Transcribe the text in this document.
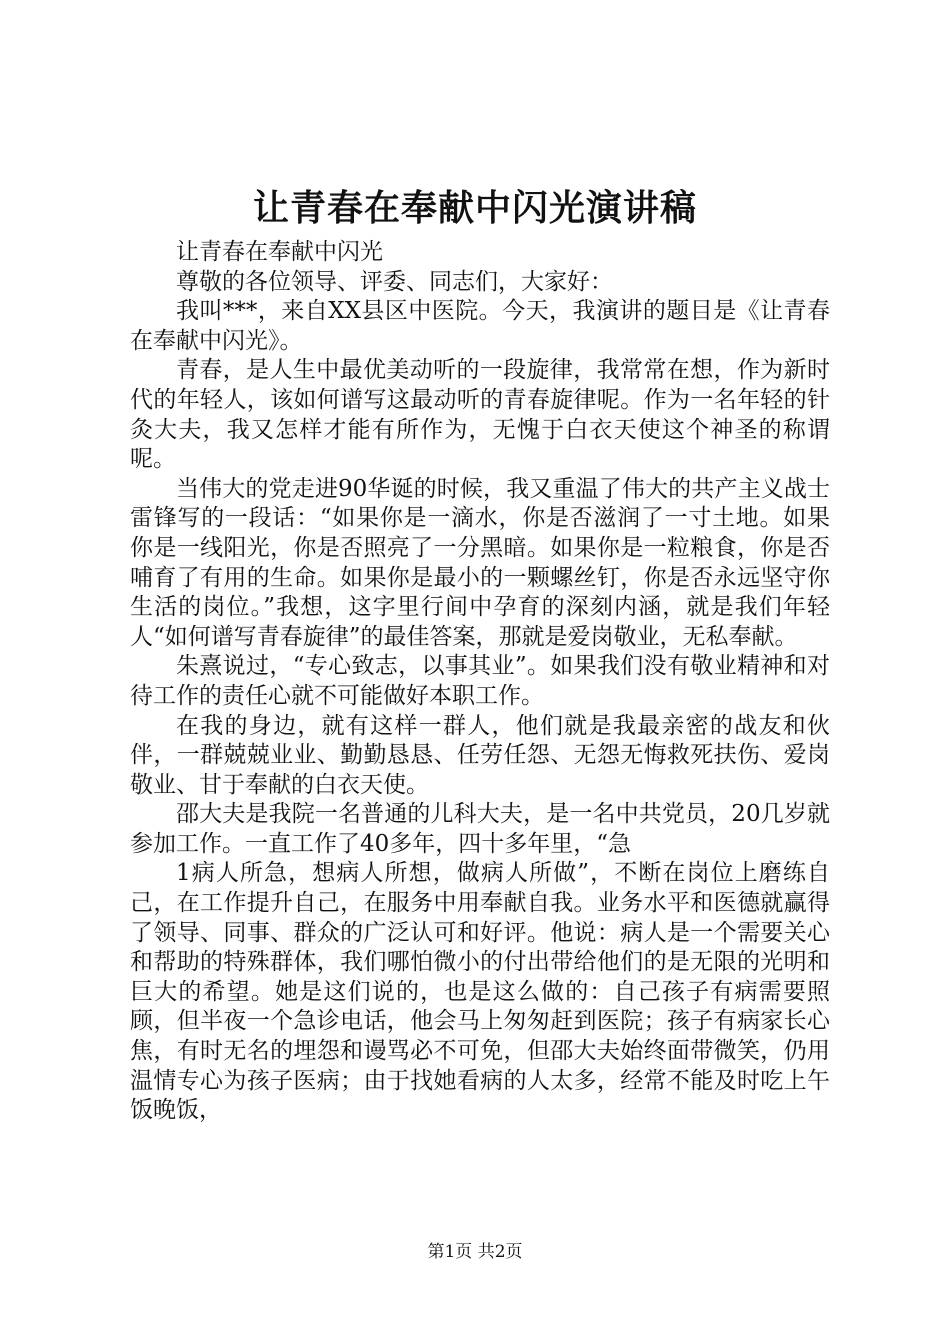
让青春在奉献中闪光演讲稿

让青春在奉献中闪光

尊敬的各位领导、评委、同志们，大家好：

我叫***，来自XX县区中医院。今天，我演讲的题目是《让青春在奉献中闪光》。

青春，是人生中最优美动听的一段旋律，我常常在想，作为新时代的年轻人，该如何谱写这最动听的青春旋律呢。作为一名年轻的针灸大夫，我又怎样才能有所作为，无愧于白衣天使这个神圣的称谓呢。

当伟大的党走进90华诞的时候，我又重温了伟大的共产主义战士雷锋写的一段话：“如果你是一滴水，你是否滋润了一寸土地。如果你是一线阳光，你是否照亮了一分黑暗。如果你是一粒粮食，你是否哺育了有用的生命。如果你是最小的一颗螺丝钉，你是否永远坚守你生活的岗位。”我想，这字里行间中孕育的深刻内涵，就是我们年轻人“如何谱写青春旋律”的最佳答案，那就是爱岗敬业，无私奉献。

朱熹说过，“专心致志，以事其业”。如果我们没有敬业精神和对待工作的责任心就不可能做好本职工作。

在我的身边，就有这样一群人，他们就是我最亲密的战友和伙伴，一群兢兢业业、勤勤恳恳、任劳任怨、无怨无悔救死扶伤、爱岗敬业、甘于奉献的白衣天使。

邵大夫是我院一名普通的儿科大夫，是一名中共党员，20几岁就参加工作。一直工作了40多年，四十多年里，“急

1病人所急，想病人所想，做病人所做”，不断在岗位上磨练自己，在工作提升自己，在服务中用奉献自我。业务水平和医德就赢得了领导、同事、群众的广泛认可和好评。他说：病人是一个需要关心和帮助的特殊群体，我们哪怕微小的付出带给他们的是无限的光明和巨大的希望。她是这们说的，也是这么做的：自己孩子有病需要照顾，但半夜一个急诊电话，他会马上匆匆赶到医院；孩子有病家长心焦，有时无名的埋怨和谩骂必不可免，但邵大夫始终面带微笑，仍用温情专心为孩子医病；由于找她看病的人太多，经常不能及时吃上午饭晚饭，

第1页 共2页
